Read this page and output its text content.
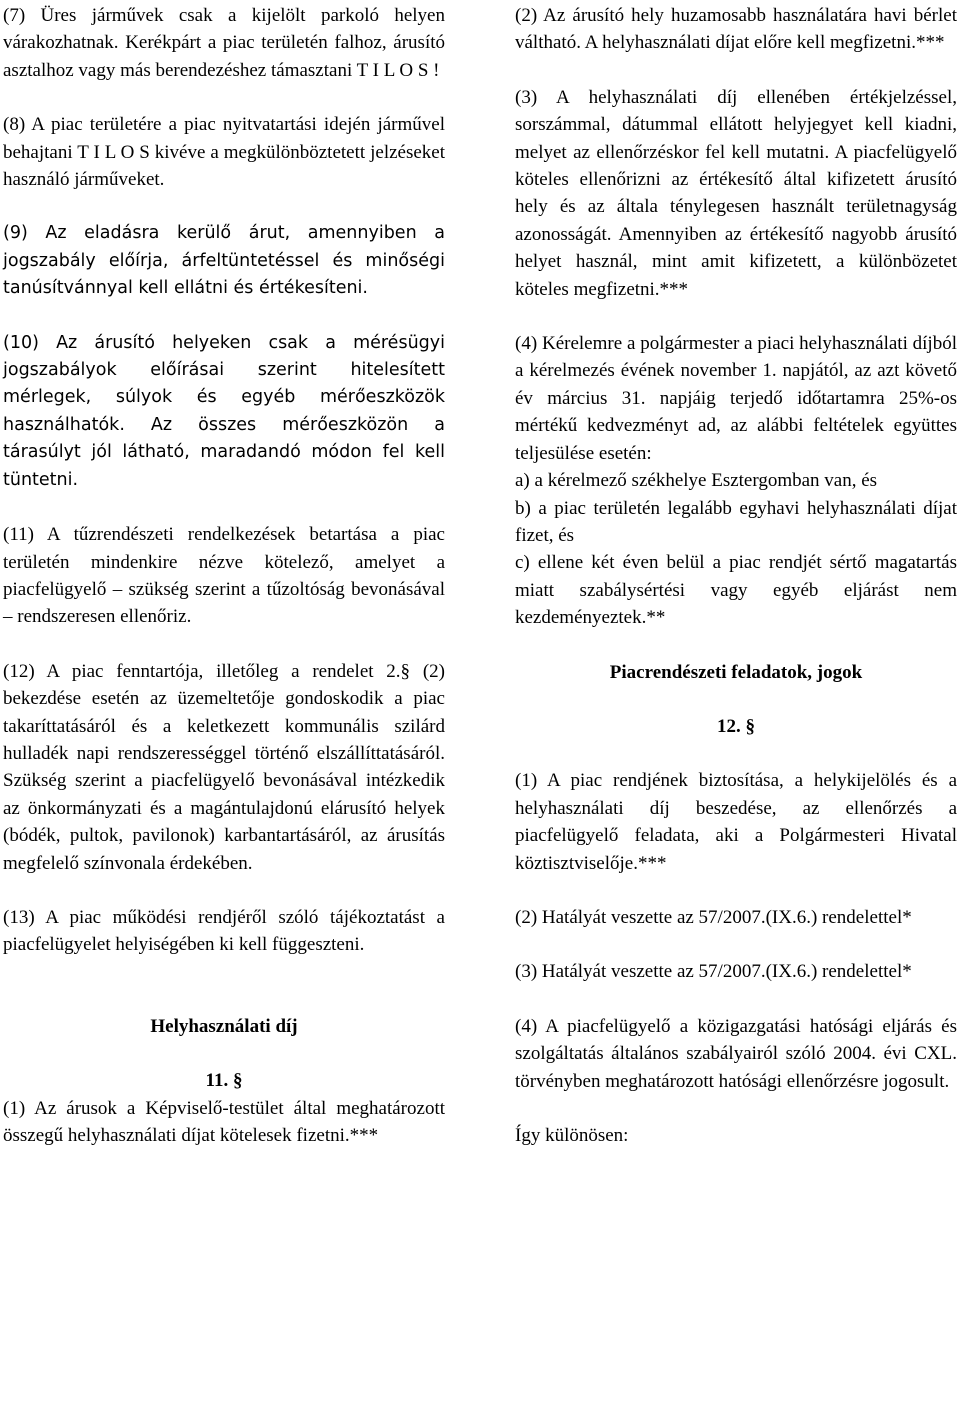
(7) Üres járművek csak a kijelölt parkoló helyen várakozhatnak. Kerékpárt a piac területén falhoz, árusító asztalhoz vagy más berendezéshez támasztani T I L O S !

(8) A piac területére a piac nyitvatartási idején járművel behajtani T I L O S kivéve a megkülönböztetett jelzéseket használó járműveket.

(9) Az eladásra kerülő árut, amennyiben a jogszabály előírja, árfeltüntetéssel és minőségi tanúsítvánnyal kell ellátni és értékesíteni.

(10) Az árusító helyeken csak a mérésügyi jogszabályok előírásai szerint hitelesített mérlegek, súlyok és egyéb mérőeszközök használhatók. Az összes mérőeszközön a tárasúlyt jól látható, maradandó módon fel kell tüntetni.

(11) A tűzrendészeti rendelkezések betartása a piac területén mindenkire nézve kötelező, amelyet a piacfelügyelő – szükség szerint a tűzoltóság bevonásával – rendszeresen ellenőriz.

(12) A piac fenntartója, illetőleg a rendelet 2.§ (2) bekezdése esetén az üzemeltetője gondoskodik a piac takaríttatásáról és a keletkezett kommunális szilárd hulladék napi rendszerességgel történő elszállíttatásáról. Szükség szerint a piacfelügyelő bevonásával intézkedik az önkormányzati és a magántulajdonú elárusító helyek (bódék, pultok, pavilonok) karbantartásáról, az árusítás megfelelő színvonala érdekében.

(13) A piac működési rendjéről szóló tájékoztatást a piacfelügyelet helyiségében ki kell függeszteni.

Helyhasználati díj
11. §

(1) Az árusok a Képviselő-testület által meghatározott összegű helyhasználati díjat kötelesek fizetni.***

(2) Az árusító hely huzamosabb használatára havi bérlet váltható. A helyhasználati díjat előre kell megfizetni.***

(3) A helyhasználati díj ellenében értékjelzéssel, sorszámmal, dátummal ellátott helyjegyet kell kiadni, melyet az ellenőrzéskor fel kell mutatni. A piacfelügyelő köteles ellenőrizni az értékesítő által kifizetett árusító hely és az általa ténylegesen használt területnagyság azonosságát. Amennyiben az értékesítő nagyobb árusító helyet használ, mint amit kifizetett, a különbözetet köteles megfizetni.***

(4) Kérelemre a polgármester a piaci helyhasználati díjból a kérelmezés évének november 1. napjától, az azt követő év március 31. napjáig terjedő időtartamra 25%-os mértékű kedvezményt ad, az alábbi feltételek együttes teljesülése esetén:

a) a kérelmező székhelye Esztergomban van, és

b) a piac területén legalább egyhavi helyhasználati díjat fizet, és

c) ellene két éven belül a piac rendjét sértő magatartás miatt szabálysértési vagy egyéb eljárást nem kezdeményeztek.**

Piacrendészeti feladatok, jogok
12. §

(1) A piac rendjének biztosítása, a helykijelölés és a helyhasználati díj beszedése, az ellenőrzés a piacfelügyelő feladata, aki a Polgármesteri Hivatal köztisztviselője.***

(2) Hatályát veszette az 57/2007.(IX.6.) rendelettel*

(3) Hatályát veszette az 57/2007.(IX.6.) rendelettel*

(4) A piacfelügyelő a közigazgatási hatósági eljárás és szolgáltatás általános szabályairól szóló 2004. évi CXL. törvényben meghatározott hatósági ellenőrzésre jogosult.

Így különösen:
